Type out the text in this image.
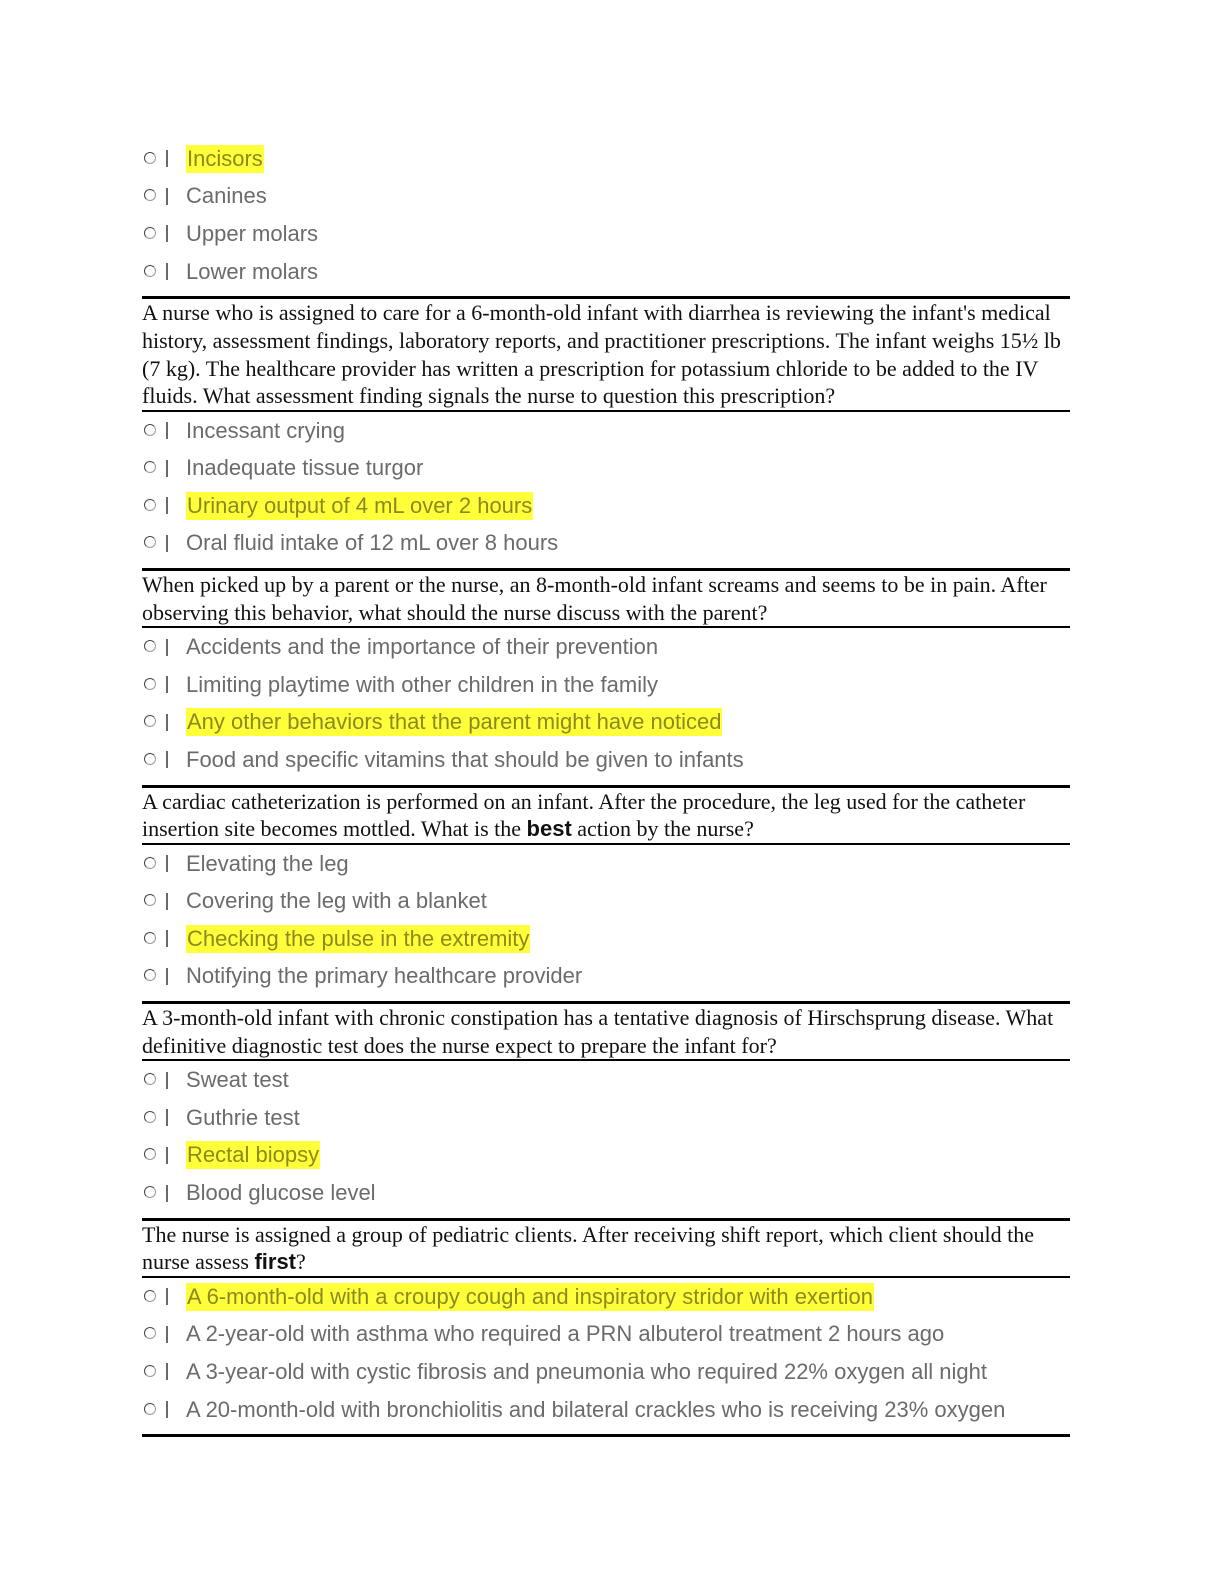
Incisors
Canines
Upper molars
Lower molars
A nurse who is assigned to care for a 6-month-old infant with diarrhea is reviewing the infant's medical history, assessment findings, laboratory reports, and practitioner prescriptions. The infant weighs 15½ lb (7 kg). The healthcare provider has written a prescription for potassium chloride to be added to the IV fluids. What assessment finding signals the nurse to question this prescription?
Incessant crying
Inadequate tissue turgor
Urinary output of 4 mL over 2 hours
Oral fluid intake of 12 mL over 8 hours
When picked up by a parent or the nurse, an 8-month-old infant screams and seems to be in pain. After observing this behavior, what should the nurse discuss with the parent?
Accidents and the importance of their prevention
Limiting playtime with other children in the family
Any other behaviors that the parent might have noticed
Food and specific vitamins that should be given to infants
A cardiac catheterization is performed on an infant. After the procedure, the leg used for the catheter insertion site becomes mottled. What is the best action by the nurse?
Elevating the leg
Covering the leg with a blanket
Checking the pulse in the extremity
Notifying the primary healthcare provider
A 3-month-old infant with chronic constipation has a tentative diagnosis of Hirschsprung disease. What definitive diagnostic test does the nurse expect to prepare the infant for?
Sweat test
Guthrie test
Rectal biopsy
Blood glucose level
The nurse is assigned a group of pediatric clients. After receiving shift report, which client should the nurse assess first?
A 6-month-old with a croupy cough and inspiratory stridor with exertion
A 2-year-old with asthma who required a PRN albuterol treatment 2 hours ago
A 3-year-old with cystic fibrosis and pneumonia who required 22% oxygen all night
A 20-month-old with bronchiolitis and bilateral crackles who is receiving 23% oxygen
